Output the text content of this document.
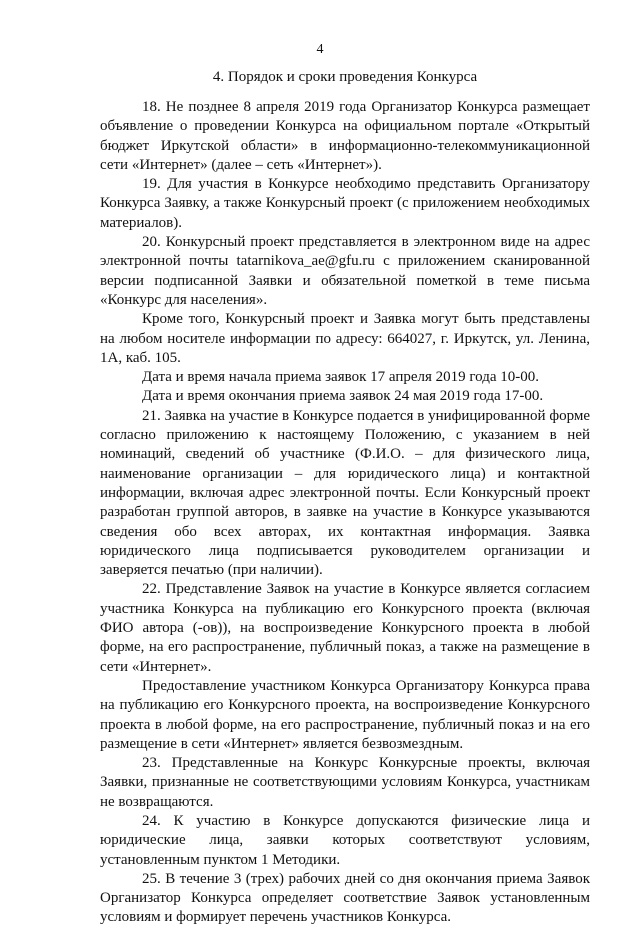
4
4. Порядок и сроки проведения Конкурса

18. Не позднее 8 апреля 2019 года Организатор Конкурса размещает объявление о проведении Конкурса на официальном портале «Открытый бюджет Иркутской области» в информационно-телекоммуникационной сети «Интернет» (далее – сеть «Интернет»).

19. Для участия в Конкурсе необходимо представить Организатору Конкурса Заявку, а также Конкурсный проект (с приложением необходимых материалов).

20. Конкурсный проект представляется в электронном виде на адрес электронной почты tatarnikova_ae@gfu.ru с приложением сканированной версии подписанной Заявки и обязательной пометкой в теме письма «Конкурс для населения».

Кроме того, Конкурсный проект и Заявка могут быть представлены на любом носителе информации по адресу: 664027, г. Иркутск, ул. Ленина, 1А, каб. 105.

Дата и время начала приема заявок 17 апреля 2019 года 10-00.

Дата и время окончания приема заявок 24 мая 2019 года 17-00.

21. Заявка на участие в Конкурсе подается в унифицированной форме согласно приложению к настоящему Положению, с указанием в ней номинаций, сведений об участнике (Ф.И.О. – для физического лица, наименование организации – для юридического лица) и контактной информации, включая адрес электронной почты. Если Конкурсный проект разработан группой авторов, в заявке на участие в Конкурсе указываются сведения обо всех авторах, их контактная информация. Заявка юридического лица подписывается руководителем организации и заверяется печатью (при наличии).

22. Представление Заявок на участие в Конкурсе является согласием участника Конкурса на публикацию его Конкурсного проекта (включая ФИО автора (-ов)), на воспроизведение Конкурсного проекта в любой форме, на его распространение, публичный показ, а также на размещение в сети «Интернет».

Предоставление участником Конкурса Организатору Конкурса права на публикацию его Конкурсного проекта, на воспроизведение Конкурсного проекта в любой форме, на его распространение, публичный показ и на его размещение в сети «Интернет» является безвозмездным.

23. Представленные на Конкурс Конкурсные проекты, включая Заявки, признанные не соответствующими условиям Конкурса, участникам не возвращаются.

24. К участию в Конкурсе допускаются физические лица и юридические лица, заявки которых соответствуют условиям, установленным пунктом 1 Методики.

25. В течение 3 (трех) рабочих дней со дня окончания приема Заявок Организатор Конкурса определяет соответствие Заявок установленным условиям и формирует перечень участников Конкурса.
